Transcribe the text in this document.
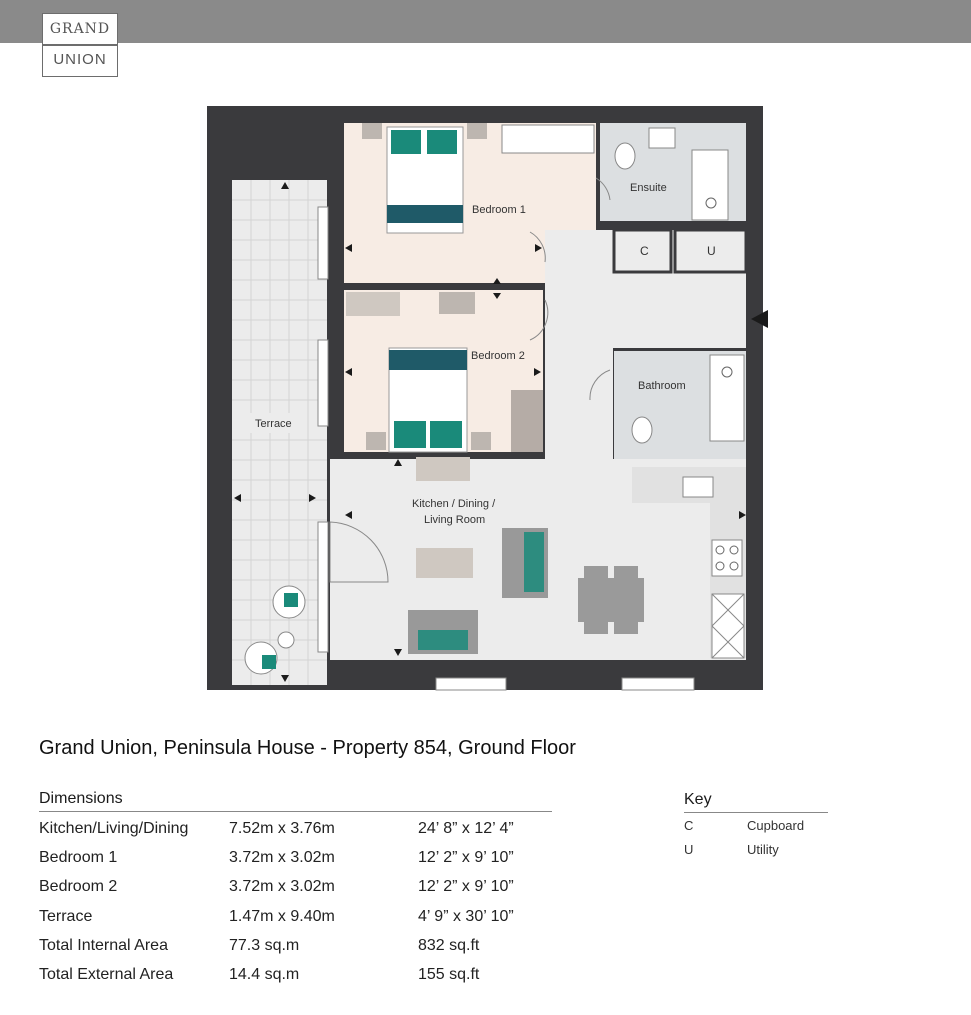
GRAND
UNION
Bedroom 1
Bedroom 2
Ensuite
Bathroom
C	U
Terrace
Kitchen / Dining /
Living Room
Grand Union, Peninsula House - Property 854, Ground Floor
Dimensions
Kitchen/Living/Dining	7.52m x 3.76m	24’ 8” x 12’ 4”
Bedroom 1	3.72m x 3.02m	12’ 2” x 9’ 10”
Bedroom 2	3.72m x 3.02m	12’ 2” x 9’ 10”
Terrace	1.47m x 9.40m	4’ 9” x 30’ 10”
Total Internal Area	77.3 sq.m	832 sq.ft
Total External Area	14.4 sq.m	155 sq.ft
Key
C	Cupboard
U	Utility
